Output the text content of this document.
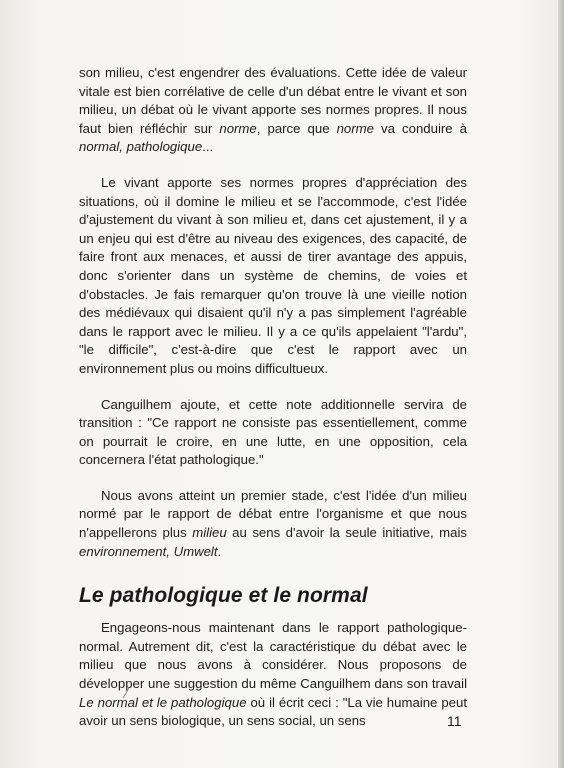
son milieu, c'est engendrer des évaluations. Cette idée de valeur vitale est bien corrélative de celle d'un débat entre le vivant et son milieu, un débat où le vivant apporte ses normes propres. Il nous faut bien réfléchir sur norme, parce que norme va conduire à normal, pathologique...

Le vivant apporte ses normes propres d'appréciation des situations, où il domine le milieu et se l'accommode, c'est l'idée d'ajustement du vivant à son milieu et, dans cet ajustement, il y a un enjeu qui est d'être au niveau des exigences, des capacité, de faire front aux menaces, et aussi de tirer avantage des appuis, donc s'orienter dans un système de chemins, de voies et d'obstacles. Je fais remarquer qu'on trouve là une vieille notion des médiévaux qui disaient qu'il n'y a pas simplement l'agréable dans le rapport avec le milieu. Il y a ce qu'ils appelaient "l'ardu", "le difficile", c'est-à-dire que c'est le rapport avec un environnement plus ou moins difficultueux.

Canguilhem ajoute, et cette note additionnelle servira de transition : "Ce rapport ne consiste pas essentiellement, comme on pourrait le croire, en une lutte, en une opposition, cela concernera l'état pathologique."

Nous avons atteint un premier stade, c'est l'idée d'un milieu normé par le rapport de débat entre l'organisme et que nous n'appellerons plus milieu au sens d'avoir la seule initiative, mais environnement, Umwelt.

Le pathologique et le normal

Engageons-nous maintenant dans le rapport pathologique-normal. Autrement dit, c'est la caractéristique du débat avec le milieu que nous avons à considérer. Nous proposons de développer une suggestion du même Canguilhem dans son travail Le normal et le pathologique où il écrit ceci : "La vie humaine peut avoir un sens biologique, un sens social, un sens	11
